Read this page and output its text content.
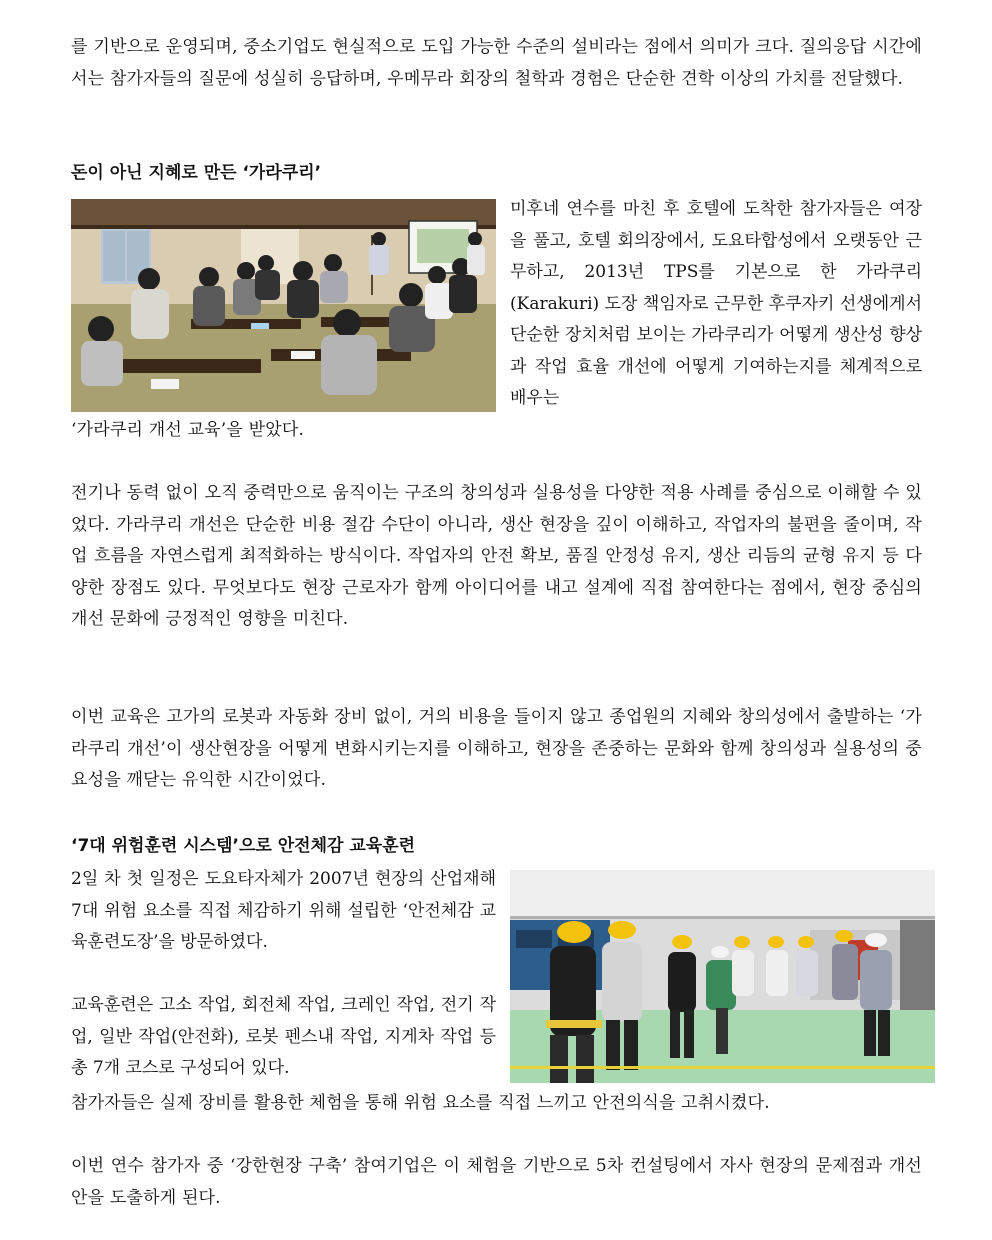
를 기반으로 운영되며, 중소기업도 현실적으로 도입 가능한 수준의 설비라는 점에서 의미가 크다. 질의응답 시간에서는 참가자들의 질문에 성실히 응답하며, 우메무라 회장의 철학과 경험은 단순한 견학 이상의 가치를 전달했다.

돈이 아닌 지혜로 만든 ‘가라쿠리’

미후네 연수를 마친 후 호텔에 도착한 참가자들은 여장을 풀고, 호텔 회의장에서, 도요타합성에서 오랫동안 근무하고, 2013년 TPS를 기본으로 한 가라쿠리(Karakuri) 도장 책임자로 근무한 후쿠자키 선생에게서 단순한 장치처럼 보이는 가라쿠리가 어떻게 생산성 향상과 작업 효율 개선에 어떻게 기여하는지를 체계적으로 배우는

‘가라쿠리 개선 교육’을 받았다.

전기나 동력 없이 오직 중력만으로 움직이는 구조의 창의성과 실용성을 다양한 적용 사례를 중심으로 이해할 수 있었다. 가라쿠리 개선은 단순한 비용 절감 수단이 아니라, 생산 현장을 깊이 이해하고, 작업자의 불편을 줄이며, 작업 흐름을 자연스럽게 최적화하는 방식이다. 작업자의 안전 확보, 품질 안정성 유지, 생산 리듬의 균형 유지 등 다양한 장점도 있다. 무엇보다도 현장 근로자가 함께 아이디어를 내고 설계에 직접 참여한다는 점에서, 현장 중심의 개선 문화에 긍정적인 영향을 미친다.

이번 교육은 고가의 로봇과 자동화 장비 없이, 거의 비용을 들이지 않고 종업원의 지혜와 창의성에서 출발하는 ‘가라쿠리 개선’이 생산현장을 어떻게 변화시키는지를 이해하고, 현장을 존중하는 문화와 함께 창의성과 실용성의 중요성을 깨닫는 유익한 시간이었다.

‘7대 위험훈련 시스템’으로 안전체감 교육훈련

2일 차 첫 일정은 도요타자체가 2007년 현장의 산업재해 7대 위험 요소를 직접 체감하기 위해 설립한 ‘안전체감 교육훈련도장’을 방문하였다.

교육훈련은 고소 작업, 회전체 작업, 크레인 작업, 전기 작업, 일반 작업(안전화), 로봇 펜스내 작업, 지게차 작업 등 총 7개 코스로 구성되어 있다.

참가자들은 실제 장비를 활용한 체험을 통해 위험 요소를 직접 느끼고 안전의식을 고취시켰다.

이번 연수 참가자 중 ‘강한현장 구축’ 참여기업은 이 체험을 기반으로 5차 컨설팅에서 자사 현장의 문제점과 개선안을 도출하게 된다.
